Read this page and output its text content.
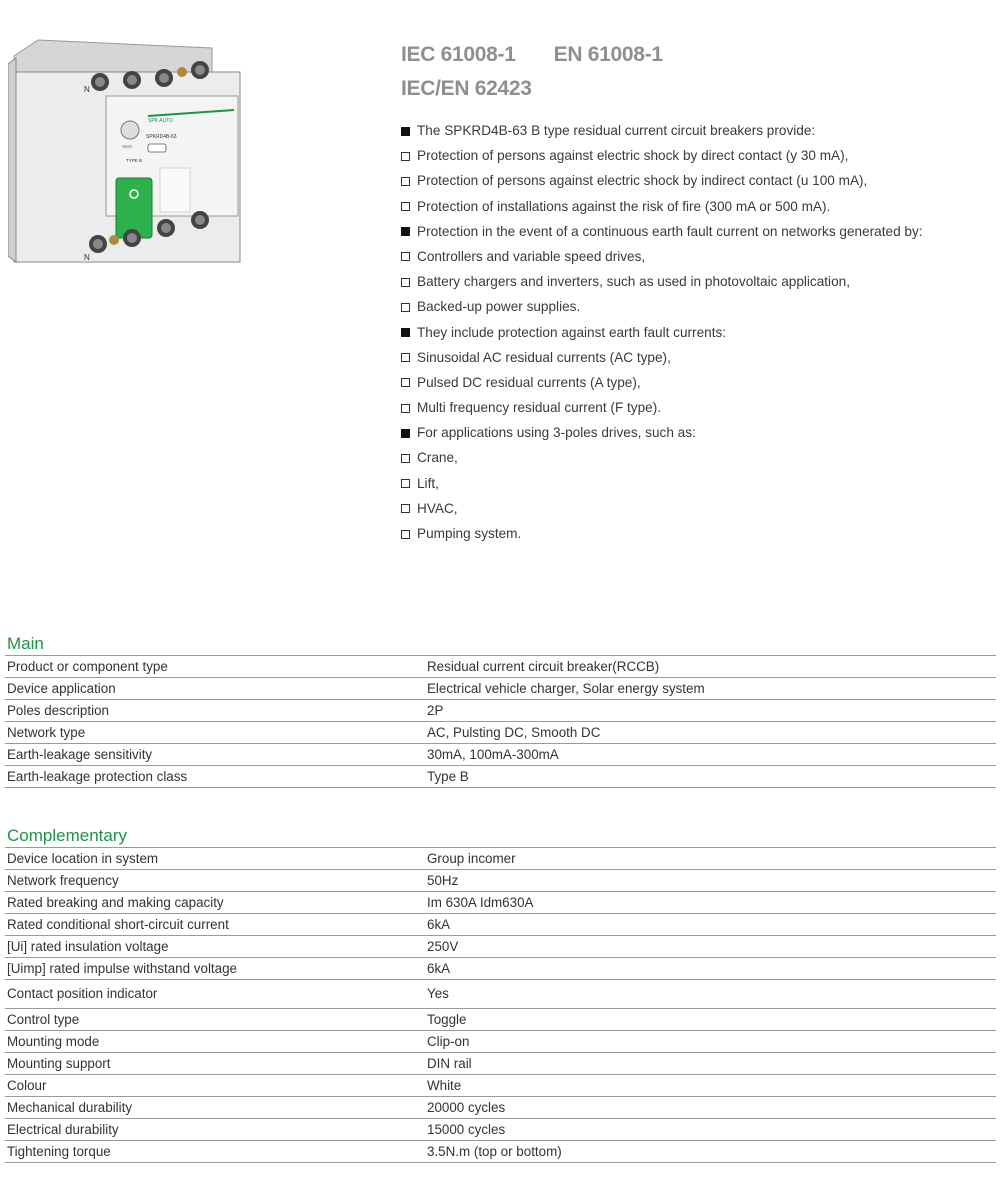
N
SPK AUTO
SPKRD4B-63
TEST
TYPE B
N
IEC 61008-1 EN 61008-1
IEC/EN 62423
The SPKRD4B-63 B type residual current circuit breakers provide:
Protection of persons against electric shock by direct contact (y 30 mA),
Protection of persons against electric shock by indirect contact (u 100 mA),
Protection of installations against the risk of fire (300 mA or 500 mA).
Protection in the event of a continuous earth fault current on networks generated by:
Controllers and variable speed drives,
Battery chargers and inverters, such as used in photovoltaic application,
Backed-up power supplies.
They include protection against earth fault currents:
Sinusoidal AC residual currents (AC type),
Pulsed DC residual currents (A type),
Multi frequency residual current (F type).
For applications using 3-poles drives, such as:
Crane,
Lift,
HVAC,
Pumping system.
Main
Product or component type	Residual current circuit breaker(RCCB)
Device application	Electrical vehicle charger, Solar energy system
Poles description	2P
Network type	AC, Pulsting DC, Smooth DC
Earth-leakage sensitivity	30mA, 100mA-300mA
Earth-leakage protection class	Type B
Complementary
Device location in system	Group incomer
Network frequency	50Hz
Rated breaking and making capacity	Im 630A Idm630A
Rated conditional short-circuit current	6kA
[Ui] rated insulation voltage	250V
[Uimp] rated impulse withstand voltage	6kA
Contact position indicator	Yes
Control type	Toggle
Mounting mode	Clip-on
Mounting support	DIN rail
Colour	White
Mechanical durability	20000 cycles
Electrical durability	15000 cycles
Tightening torque	3.5N.m (top or bottom)
